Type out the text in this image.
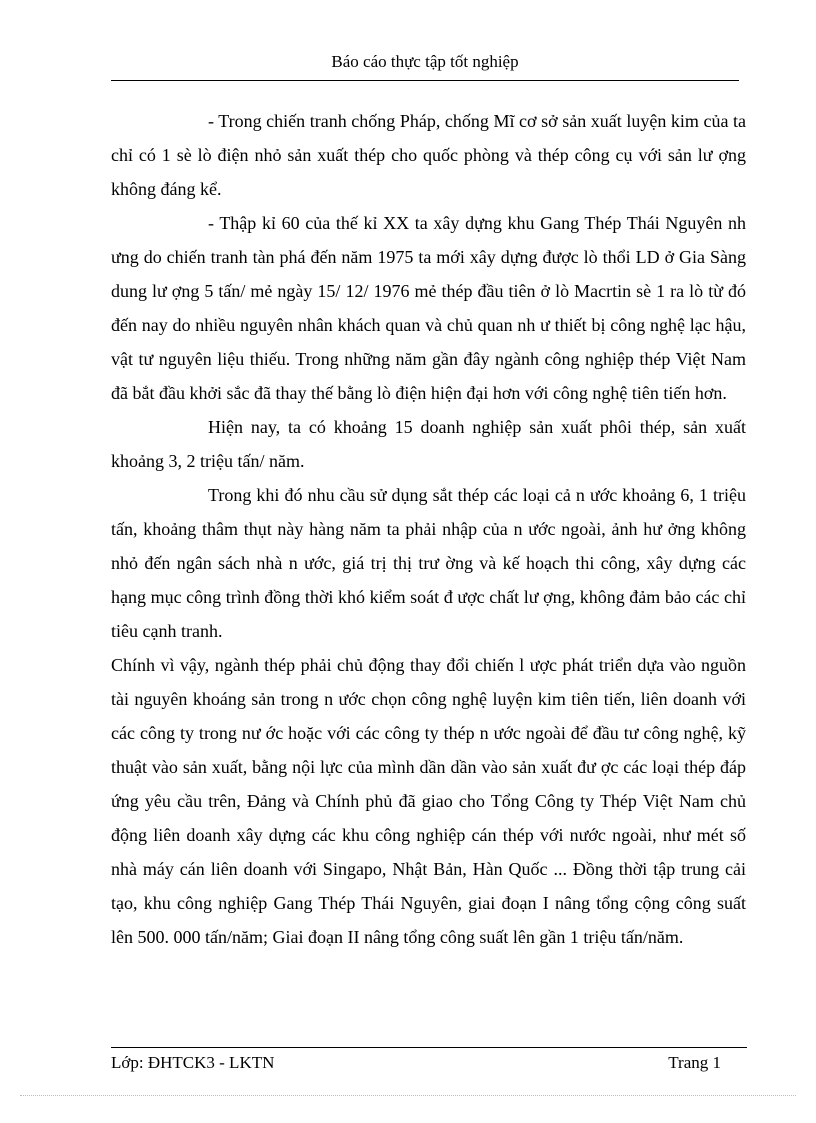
Báo cáo thực tập tốt nghiệp

- Trong chiến tranh chống Pháp, chống Mĩ cơ sở sản xuất luyện kim của ta chỉ có 1 sè lò điện nhỏ sản xuất thép cho quốc phòng và thép công cụ với sản lư ợng không đáng kể.

- Thập kỉ 60 của thế kỉ XX ta xây dựng khu Gang Thép Thái Nguyên nh ưng do chiến tranh tàn phá đến năm 1975 ta mới xây dựng được lò thổi LD ở Gia Sàng dung lư ợng 5 tấn/ mẻ ngày 15/ 12/ 1976 mẻ thép đầu tiên ở lò Macrtin sè 1 ra lò từ đó đến nay do nhiều nguyên nhân khách quan và chủ quan nh ư thiết bị công nghệ lạc hậu, vật tư nguyên liệu thiếu. Trong những năm gần đây ngành công nghiệp thép Việt Nam đã bắt đầu khởi sắc đã thay thế bằng lò điện hiện đại hơn với công nghệ tiên tiến hơn.

Hiện nay, ta có khoảng 15 doanh nghiệp sản xuất phôi thép, sản xuất khoảng 3, 2 triệu tấn/ năm.

Trong khi đó nhu cầu sử dụng sắt thép các loại cả n ước khoảng 6, 1 triệu tấn, khoảng thâm thụt này hàng năm ta phải nhập của n ước ngoài, ảnh hư ởng không nhỏ đến ngân sách nhà n ước, giá trị thị trư ờng và kế hoạch thi công, xây dựng các hạng mục công trình đồng thời khó kiểm soát đ ược chất lư ợng, không đảm bảo các chỉ tiêu cạnh tranh.

Chính vì vậy, ngành thép phải chủ động thay đổi chiến l ược phát triển dựa vào nguồn tài nguyên khoáng sản trong n ước chọn công nghệ luyện kim tiên tiến, liên doanh với các công ty trong nư ớc hoặc với các công ty thép n ước ngoài để đầu tư công nghệ, kỹ thuật vào sản xuất, bằng nội lực của mình dần dần vào sản xuất đư ợc các loại thép đáp ứng yêu cầu trên, Đảng và Chính phủ đã giao cho Tổng Công ty Thép Việt Nam chủ động liên doanh xây dựng các khu công nghiệp cán thép với nước ngoài, như mét số nhà máy cán liên doanh với Singapo, Nhật Bản, Hàn Quốc ... Đồng thời tập trung cải tạo, khu công nghiệp Gang Thép Thái Nguyên, giai đoạn I nâng tổng cộng công suất lên 500. 000 tấn/năm; Giai đoạn II nâng tổng công suất lên gần 1 triệu tấn/năm.

Lớp: ĐHTCK3 - LKTN	Trang 1
